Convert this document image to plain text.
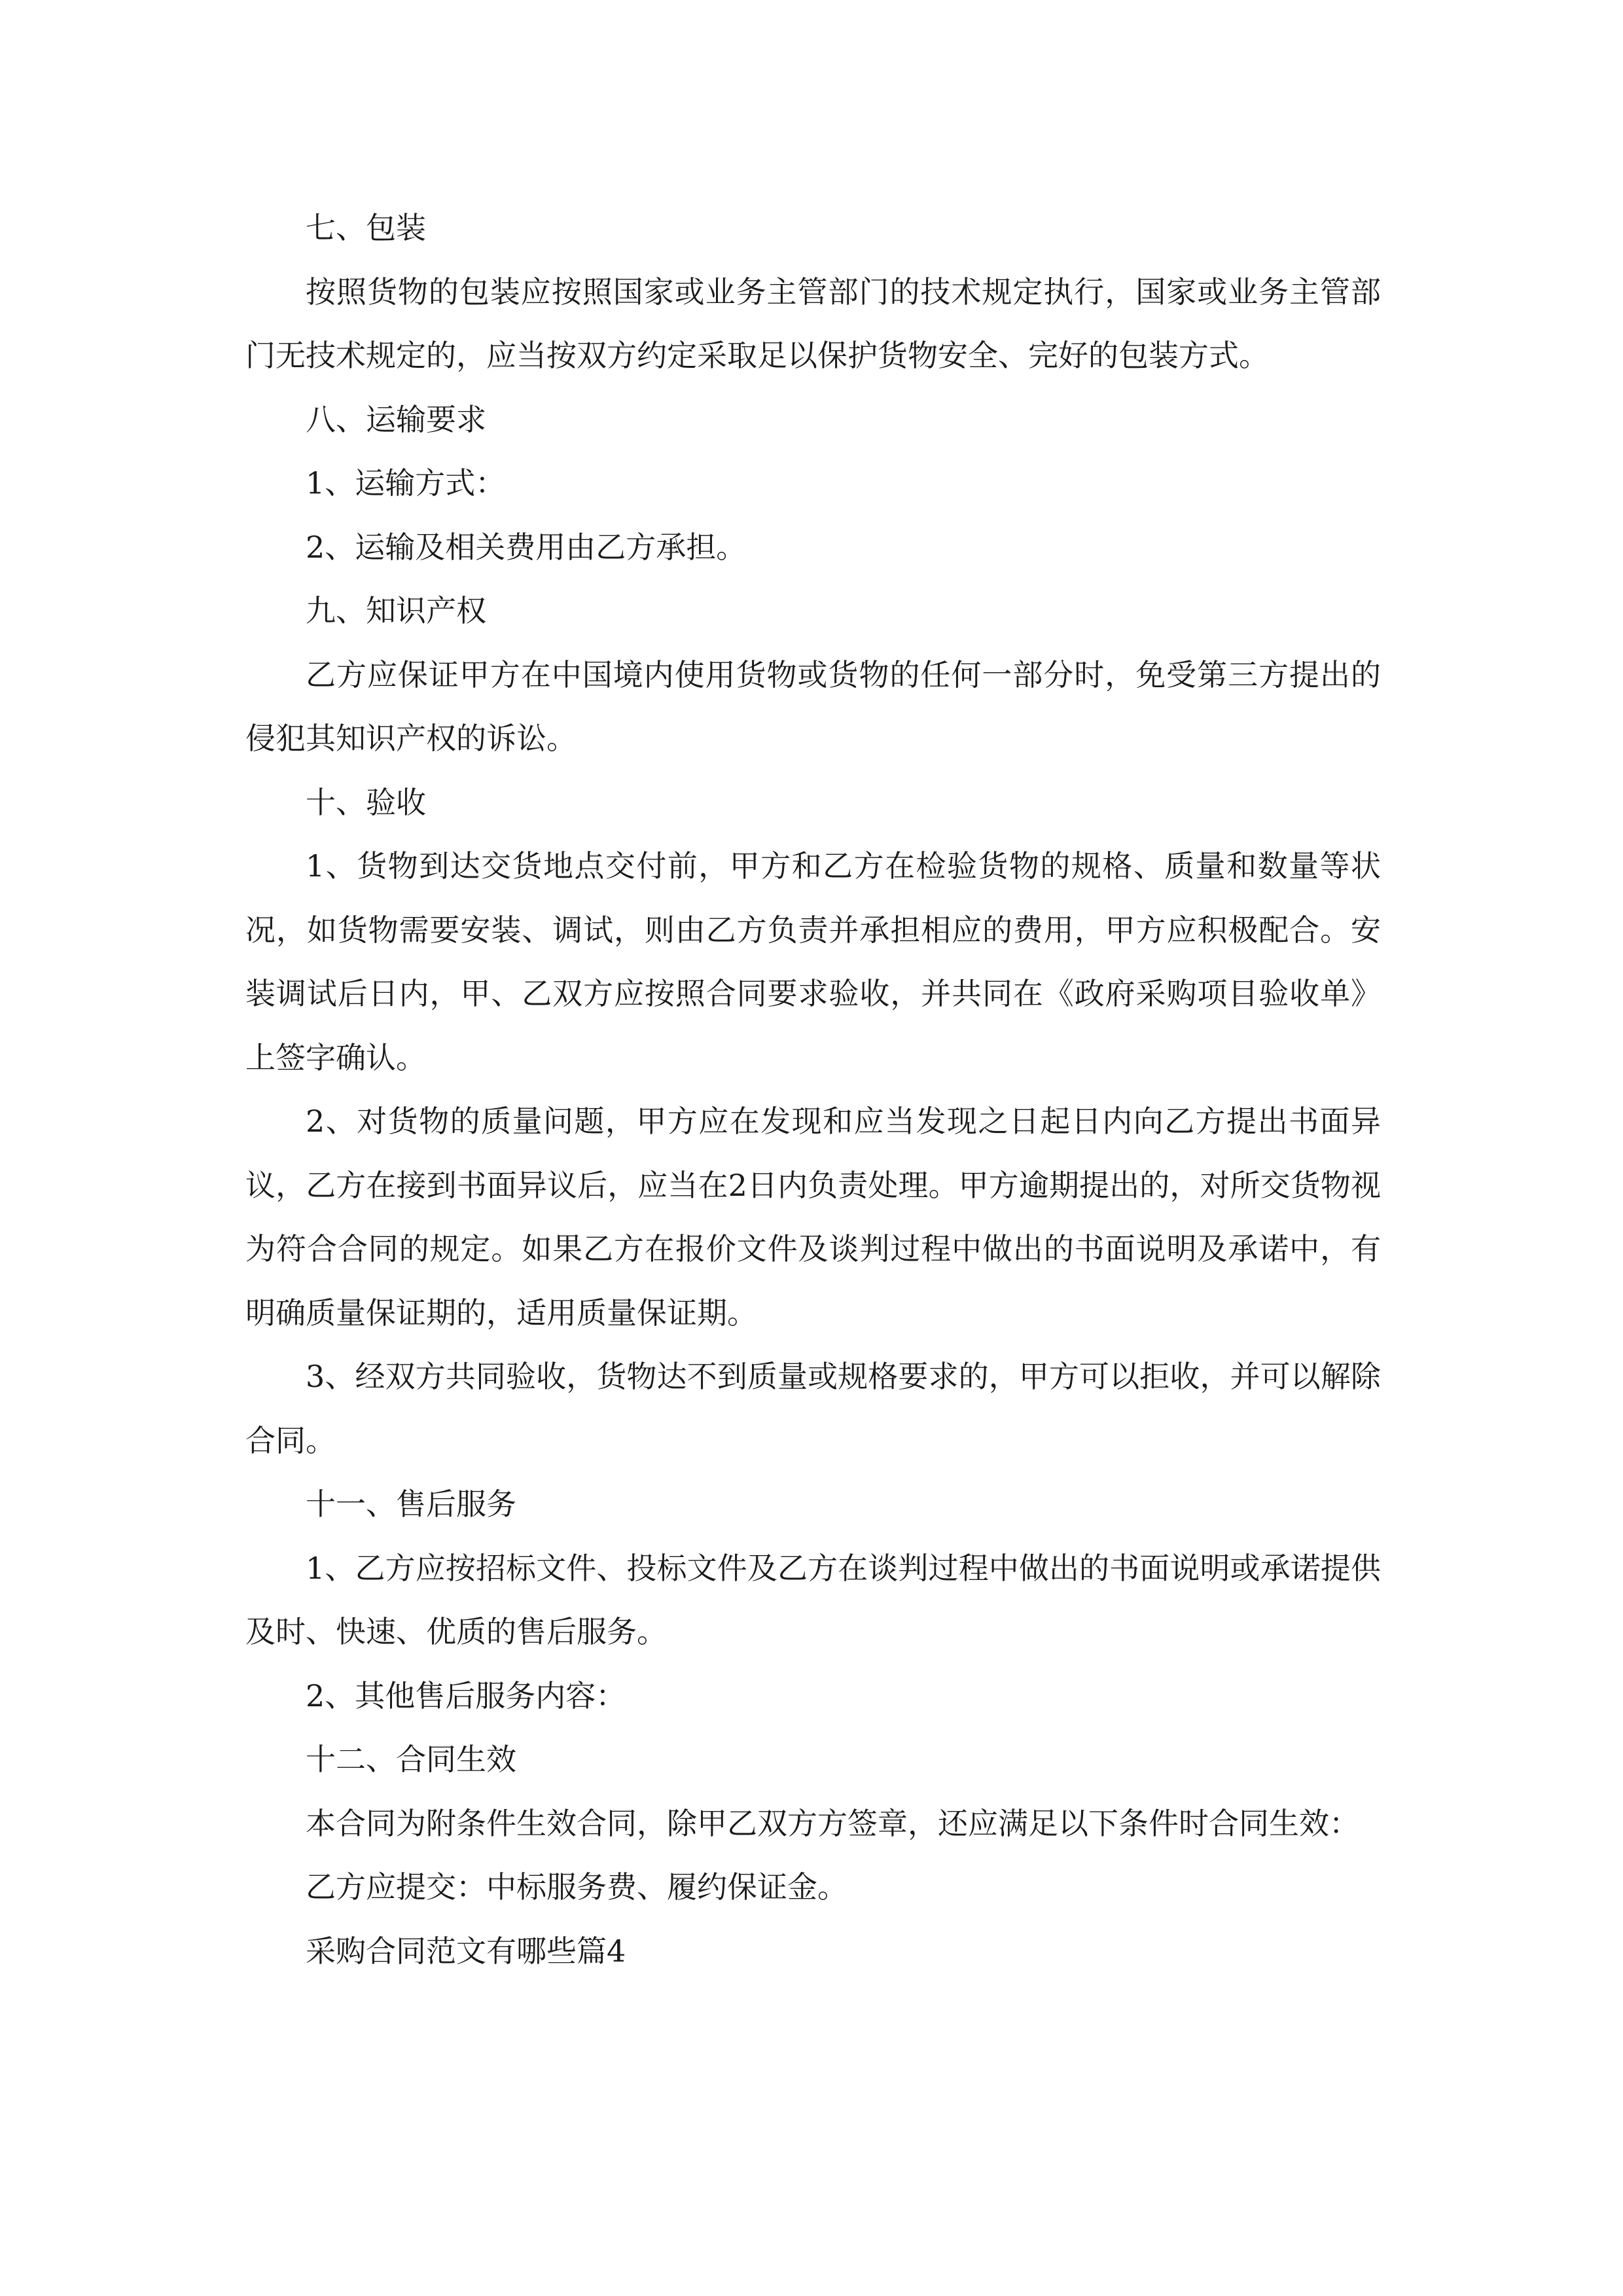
七、包装

按照货物的包装应按照国家或业务主管部门的技术规定执行，国家或业务主管部门无技术规定的，应当按双方约定采取足以保护货物安全、完好的包装方式。

八、运输要求

1、运输方式：

2、运输及相关费用由乙方承担。

九、知识产权

乙方应保证甲方在中国境内使用货物或货物的任何一部分时，免受第三方提出的侵犯其知识产权的诉讼。

十、验收

1、货物到达交货地点交付前，甲方和乙方在检验货物的规格、质量和数量等状况，如货物需要安装、调试，则由乙方负责并承担相应的费用，甲方应积极配合。安装调试后日内，甲、乙双方应按照合同要求验收，并共同在《政府采购项目验收单》上签字确认。

2、对货物的质量问题，甲方应在发现和应当发现之日起日内向乙方提出书面异议，乙方在接到书面异议后，应当在2日内负责处理。甲方逾期提出的，对所交货物视为符合合同的规定。如果乙方在报价文件及谈判过程中做出的书面说明及承诺中，有明确质量保证期的，适用质量保证期。

3、经双方共同验收，货物达不到质量或规格要求的，甲方可以拒收，并可以解除合同。

十一、售后服务

1、乙方应按招标文件、投标文件及乙方在谈判过程中做出的书面说明或承诺提供及时、快速、优质的售后服务。

2、其他售后服务内容：

十二、合同生效

本合同为附条件生效合同，除甲乙双方方签章，还应满足以下条件时合同生效：

乙方应提交：中标服务费、履约保证金。

采购合同范文有哪些篇4
